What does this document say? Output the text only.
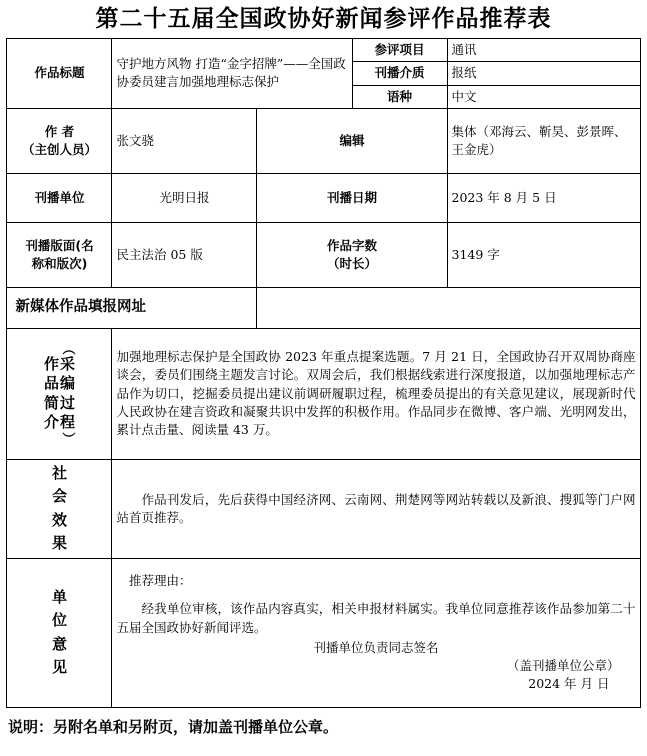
第二十五届全国政协好新闻参评作品推荐表
作品标题	守护地方风物 打造“金字招牌”——全国政协委员建言加强地理标志保护		参评项目	通讯
			刊播介质	报纸
			语种	中文

作 者
（主创人员）	张文骁	编辑		集体（邓海云、靳昊、彭景晖、王金虎）
刊播单位	光明日报	刊播日期		2023 年 8 月 5 日

刊播版面(名
称和版次)
	民主法治 05 版	
作品字数
（时长）
	3149 字
新媒体作品填报网址				

作
品
简
介
（
采
编
过
程
）

加强地理标志保护是全国政协 2023 年重点提案选题。7 月 21 日，全国政协召开双周协商座谈会，委员们围绕主题发言讨论。双周会后，我们根据线索进行深度报道，以加强地理标志产品作为切口，挖掘委员提出建议前调研履职过程，梳理委员提出的有关意见建议，展现新时代人民政协在建言资政和凝聚共识中发挥的积极作用。作品同步在微博、客户端、光明网发出，累计点击量、阅读量 43 万。

社
会
效
果	作品刊发后，先后获得中国经济网、云南网、荆楚网等网站转载以及新浪、搜狐等门户网站首页推荐。			

单
位
意
见

推荐理由：
经我单位审核，该作品内容真实，相关申报材料属实。我单位同意推荐该作品参加第二十五届全国政协好新闻评选。
刊播单位负责同志签名
（盖刊播单位公章）
2024 年 月 日
说明：另附名单和另附页，请加盖刊播单位公章。
